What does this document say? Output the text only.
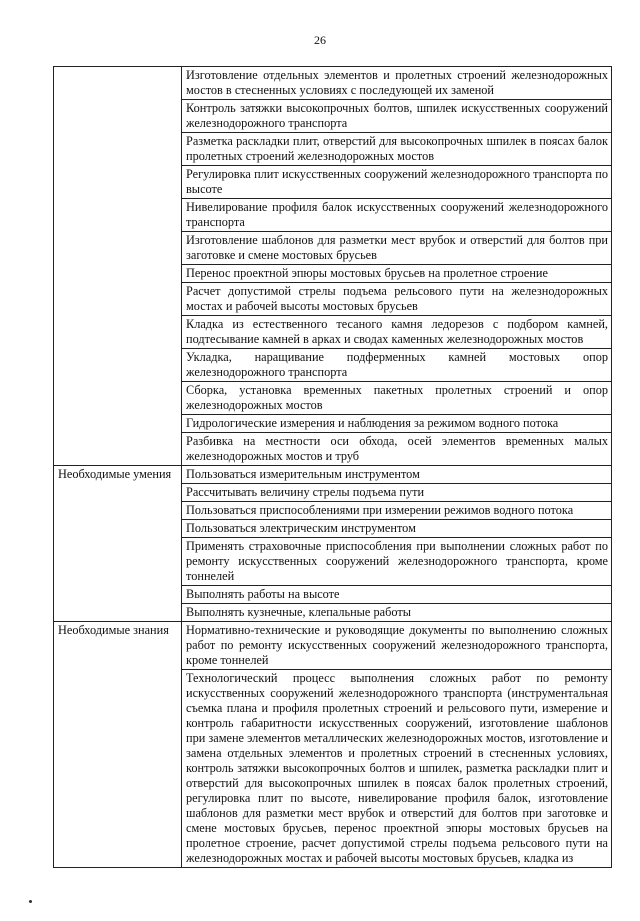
26
	Изготовление отдельных элементов и пролетных строений железнодорожных мостов в стесненных условиях с последующей их заменой
	Контроль затяжки высокопрочных болтов, шпилек искусственных сооружений железнодорожного транспорта
	Разметка раскладки плит, отверстий для высокопрочных шпилек в поясах балок пролетных строений железнодорожных мостов
	Регулировка плит искусственных сооружений железнодорожного транспорта по высоте
	Нивелирование профиля балок искусственных сооружений железнодорожного транспорта
	Изготовление шаблонов для разметки мест врубок и отверстий для болтов при заготовке и смене мостовых брусьев
	Перенос проектной эпюры мостовых брусьев на пролетное строение
	Расчет допустимой стрелы подъема рельсового пути на железнодорожных мостах и рабочей высоты мостовых брусьев
	Кладка из естественного тесаного камня ледорезов с подбором камней, подтесывание камней в арках и сводах каменных железнодорожных мостов
	Укладка, наращивание подферменных камней мостовых опор железнодорожного транспорта
	Сборка, установка временных пакетных пролетных строений и опор железнодорожных мостов
	Гидрологические измерения и наблюдения за режимом водного потока
	Разбивка на местности оси обхода, осей элементов временных малых железнодорожных мостов и труб
Необходимые умения	Пользоваться измерительным инструментом
	Рассчитывать величину стрелы подъема пути
	Пользоваться приспособлениями при измерении режимов водного потока
	Пользоваться электрическим инструментом
	Применять страховочные приспособления при выполнении сложных работ по ремонту искусственных сооружений железнодорожного транспорта, кроме тоннелей
	Выполнять работы на высоте
	Выполнять кузнечные, клепальные работы
Необходимые знания	Нормативно-технические и руководящие документы по выполнению сложных работ по ремонту искусственных сооружений железнодорожного транспорта, кроме тоннелей
	Технологический процесс выполнения сложных работ по ремонту искусственных сооружений железнодорожного транспорта (инструментальная съемка плана и профиля пролетных строений и рельсового пути, измерение и контроль габаритности искусственных сооружений, изготовление шаблонов при замене элементов металлических железнодорожных мостов, изготовление и замена отдельных элементов и пролетных строений в стесненных условиях, контроль затяжки высокопрочных болтов и шпилек, разметка раскладки плит и отверстий для высокопрочных шпилек в поясах балок пролетных строений, регулировка плит по высоте, нивелирование профиля балок, изготовление шаблонов для разметки мест врубок и отверстий для болтов при заготовке и смене мостовых брусьев, перенос проектной эпюры мостовых брусьев на пролетное строение, расчет допустимой стрелы подъема рельсового пути на железнодорожных мостах и рабочей высоты мостовых брусьев, кладка из
